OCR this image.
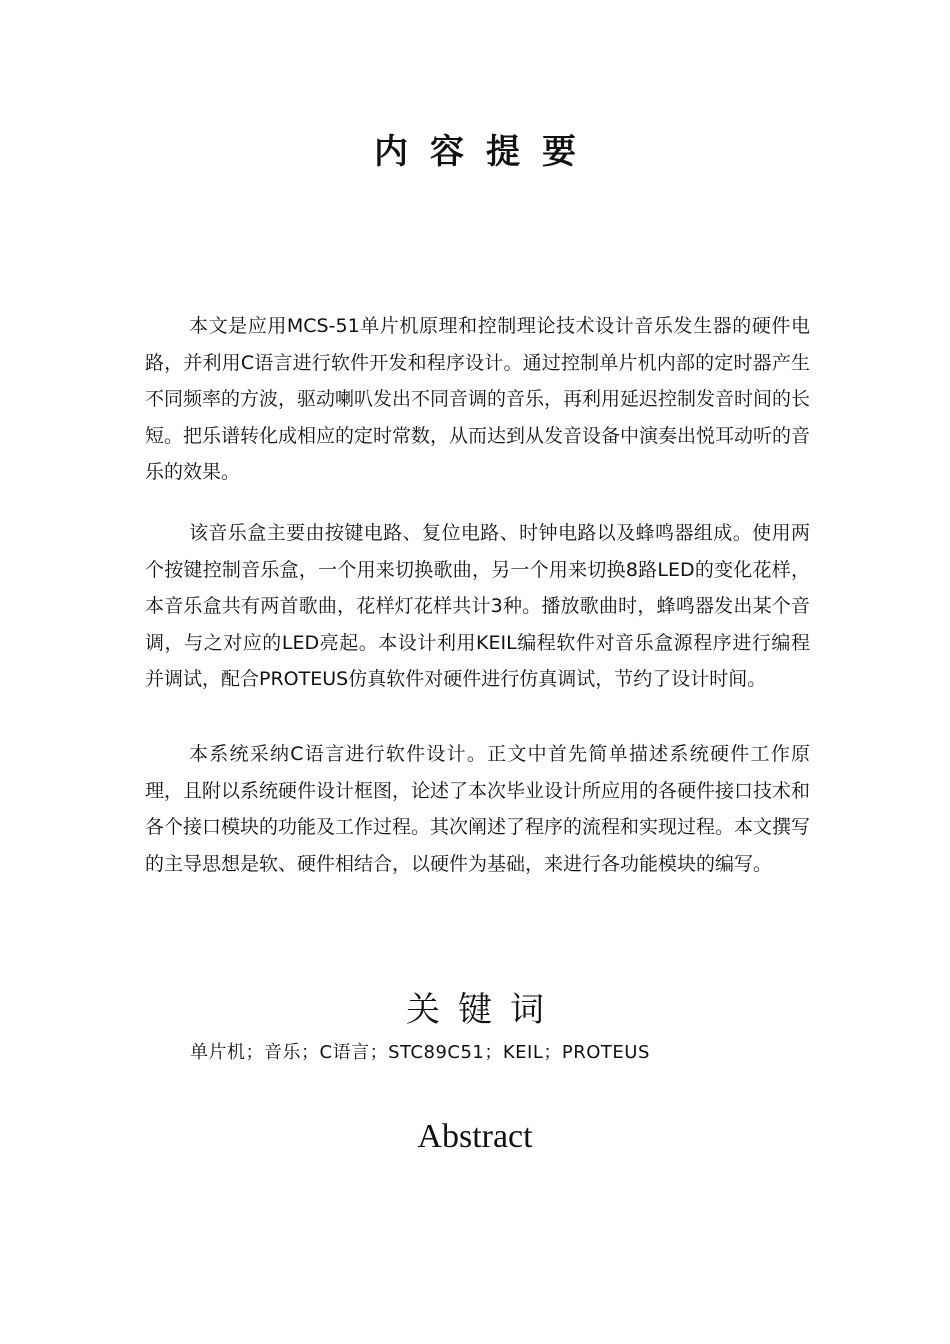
内容提要

本文是应用MCS-51单片机原理和控制理论技术设计音乐发生器的硬件电路，并利用C语言进行软件开发和程序设计。通过控制单片机内部的定时器产生不同频率的方波，驱动喇叭发出不同音调的音乐，再利用延迟控制发音时间的长短。把乐谱转化成相应的定时常数，从而达到从发音设备中演奏出悦耳动听的音乐的效果。

该音乐盒主要由按键电路、复位电路、时钟电路以及蜂鸣器组成。使用两个按键控制音乐盒，一个用来切换歌曲，另一个用来切换8路LED的变化花样，本音乐盒共有两首歌曲，花样灯花样共计3种。播放歌曲时，蜂鸣器发出某个音调，与之对应的LED亮起。本设计利用KEIL编程软件对音乐盒源程序进行编程并调试，配合PROTEUS仿真软件对硬件进行仿真调试，节约了设计时间。

本系统采纳C语言进行软件设计。正文中首先简单描述系统硬件工作原理，且附以系统硬件设计框图，论述了本次毕业设计所应用的各硬件接口技术和各个接口模块的功能及工作过程。其次阐述了程序的流程和实现过程。本文撰写的主导思想是软、硬件相结合，以硬件为基础，来进行各功能模块的编写。

关键词
单片机；音乐；C语言；STC89C51；KEIL；PROTEUS
Abstract
